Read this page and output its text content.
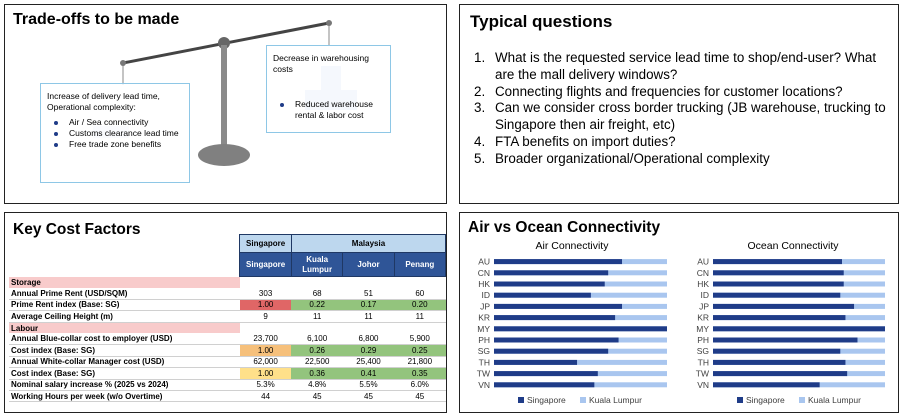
Trade-offs to be made
Increase of delivery lead time, Operational complexity:
Air / Sea connectivity
Customs clearance lead time
Free trade zone benefits
Decrease in warehousing costs
Reduced warehouse rental & labor cost
Typical questions
1. What is the requested service lead time to shop/end-user? What are the mall delivery windows?
2. Connecting flights and frequencies for customer locations?
3. Can we consider cross border trucking (JB warehouse, trucking to Singapore then air freight, etc)
4. FTA benefits on import duties?
5. Broader organizational/Operational complexity
Key Cost Factors
	Singapore	Malaysia		
	Singapore	Kuala Lumpur	Johor	Penang
Storage				
Annual Prime Rent (USD/SQM)	303	68	51	60
Prime Rent index (Base: SG)	1.00	0.22	0.17	0.20
Average Ceiling Height (m)	9	11	11	11
Labour				
Annual Blue-collar cost to employer (USD)	23,700	6,100	6,800	5,900
Cost index (Base: SG)	1.00	0.26	0.29	0.25
Annual White-collar Manager cost (USD)	62,000	22,500	25,400	21,800
Cost index (Base: SG)	1.00	0.36	0.41	0.35
Nominal salary increase % (2025 vs 2024)	5.3%	4.8%	5.5%	6.0%
Working Hours per week (w/o Overtime)	44	45	45	45
Air vs Ocean Connectivity
Air Connectivity
AU
CN
HK
ID
JP
KR
MY
PH
SG
TH
TW
VN
Singapore	Kuala Lumpur
Ocean Connectivity
AU
CN
HK
ID
JP
KR
MY
PH
SG
TH
TW
VN
Singapore	Kuala Lumpur
